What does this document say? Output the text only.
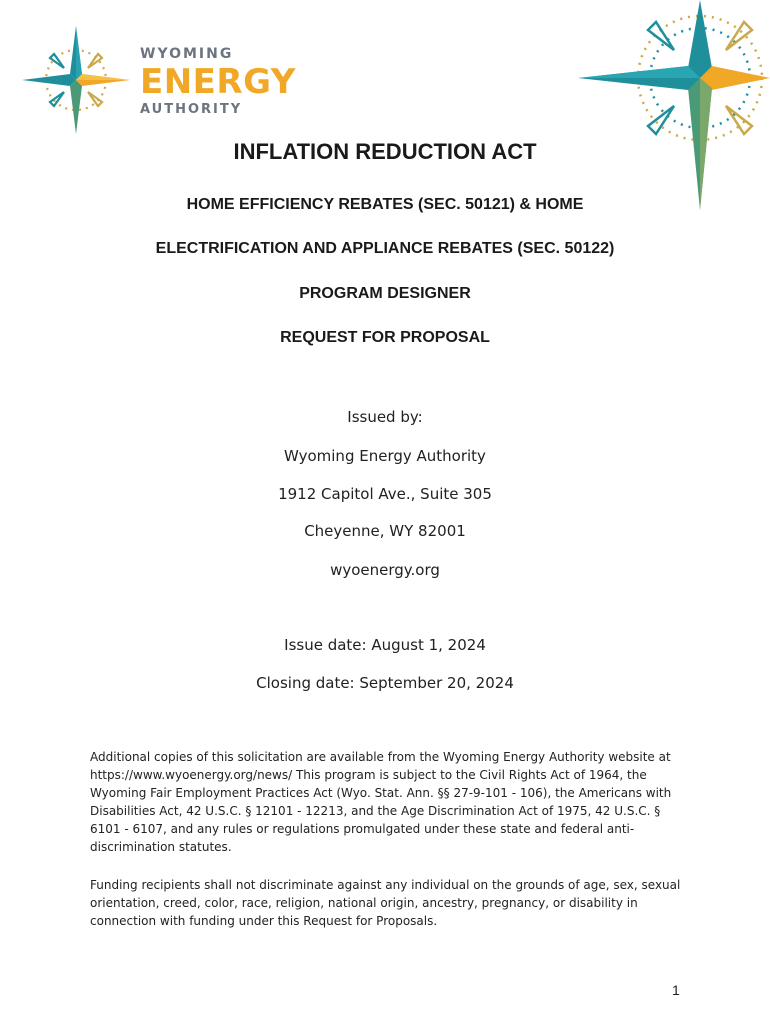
WYOMING
ENERGY
AUTHORITY
INFLATION REDUCTION ACT
HOME EFFICIENCY REBATES (SEC. 50121) & HOME
ELECTRIFICATION AND APPLIANCE REBATES (SEC. 50122)
PROGRAM DESIGNER
REQUEST FOR PROPOSAL
Issued by:
Wyoming Energy Authority
1912 Capitol Ave., Suite 305
Cheyenne, WY 82001
wyoenergy.org
Issue date: August 1, 2024
Closing date: September 20, 2024

Additional copies of this solicitation are available from the Wyoming Energy Authority website at https://www.wyoenergy.org/news/ This program is subject to the Civil Rights Act of 1964, the Wyoming Fair Employment Practices Act (Wyo. Stat. Ann. §§ 27-9-101 - 106), the Americans with Disabilities Act, 42 U.S.C. § 12101 - 12213, and the Age Discrimination Act of 1975, 42 U.S.C. § 6101 - 6107, and any rules or regulations promulgated under these state and federal anti-discrimination statutes.

Funding recipients shall not discriminate against any individual on the grounds of age, sex, sexual orientation, creed, color, race, religion, national origin, ancestry, pregnancy, or disability in connection with funding under this Request for Proposals.

1
